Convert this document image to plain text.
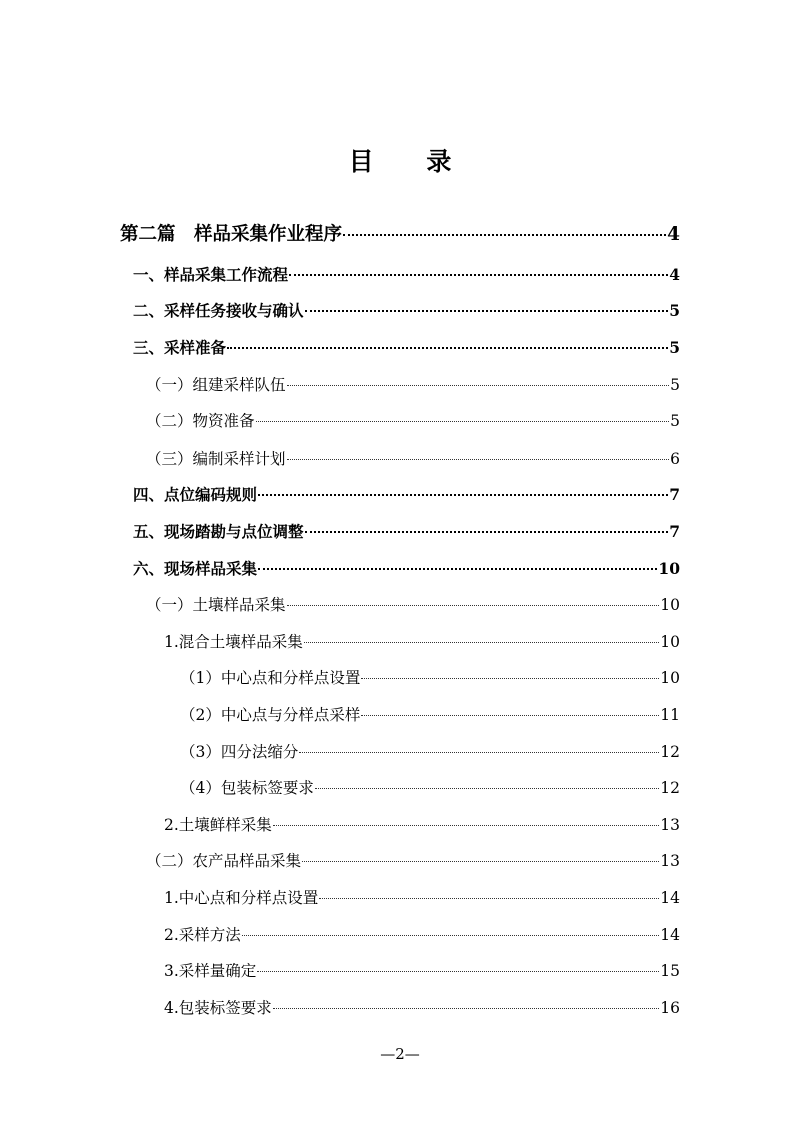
目 录
第二篇　样品采集作业程序	4
一、样品采集工作流程	4
二、采样任务接收与确认	5
三、采样准备	5
（一）组建采样队伍	5
（二）物资准备	5
（三）编制采样计划	6
四、点位编码规则	7
五、现场踏勘与点位调整	7
六、现场样品采集	10
（一）土壤样品采集	10
1.混合土壤样品采集	10
（1）中心点和分样点设置	10
（2）中心点与分样点采样	11
（3）四分法缩分	12
（4）包装标签要求	12
2.土壤鲜样采集	13
（二）农产品样品采集	13
1.中心点和分样点设置	14
2.采样方法	14
3.采样量确定	15
4.包装标签要求	16
—2—
